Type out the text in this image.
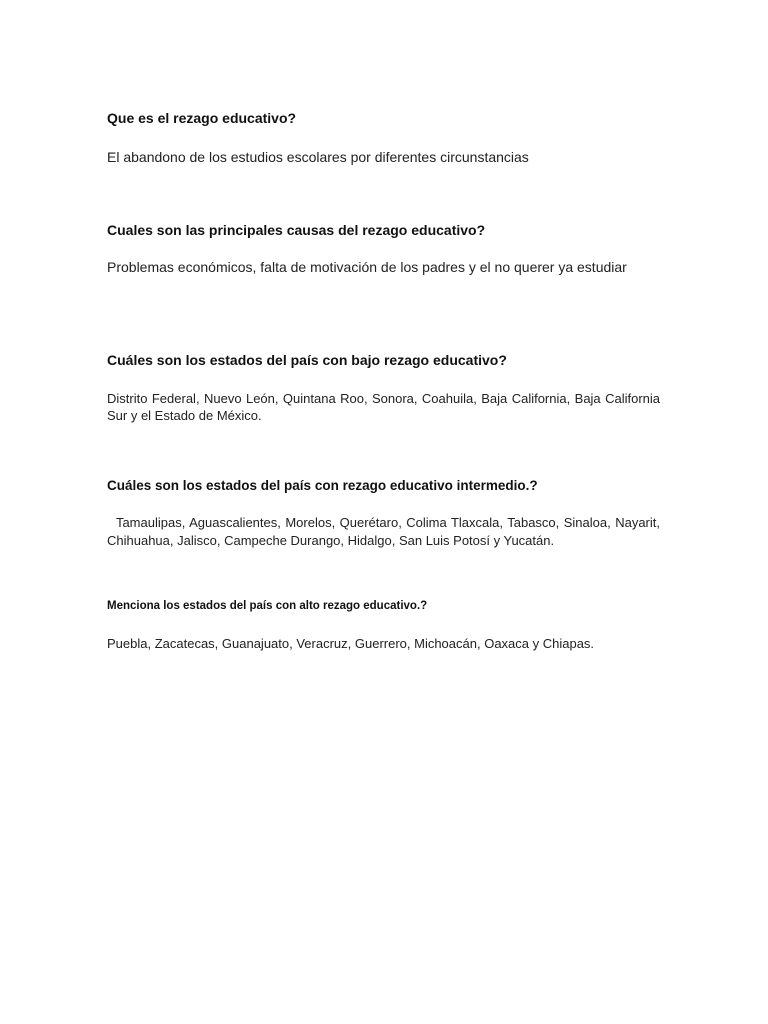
Que es el rezago educativo?

El abandono de los estudios escolares por diferentes circunstancias

Cuales son las principales causas del rezago educativo?

Problemas económicos, falta de motivación de los padres y el no querer ya estudiar

Cuáles son los estados del país con bajo rezago educativo?

Distrito Federal, Nuevo León, Quintana Roo, Sonora, Coahuila, Baja California, Baja California Sur y el Estado de México.

Cuáles son los estados del país con rezago educativo intermedio.?

Tamaulipas, Aguascalientes, Morelos, Querétaro, Colima Tlaxcala, Tabasco, Sinaloa, Nayarit, Chihuahua, Jalisco, Campeche Durango, Hidalgo, San Luis Potosí y Yucatán.

Menciona los estados del país con alto rezago educativo.?

Puebla, Zacatecas, Guanajuato, Veracruz, Guerrero, Michoacán, Oaxaca y Chiapas.
